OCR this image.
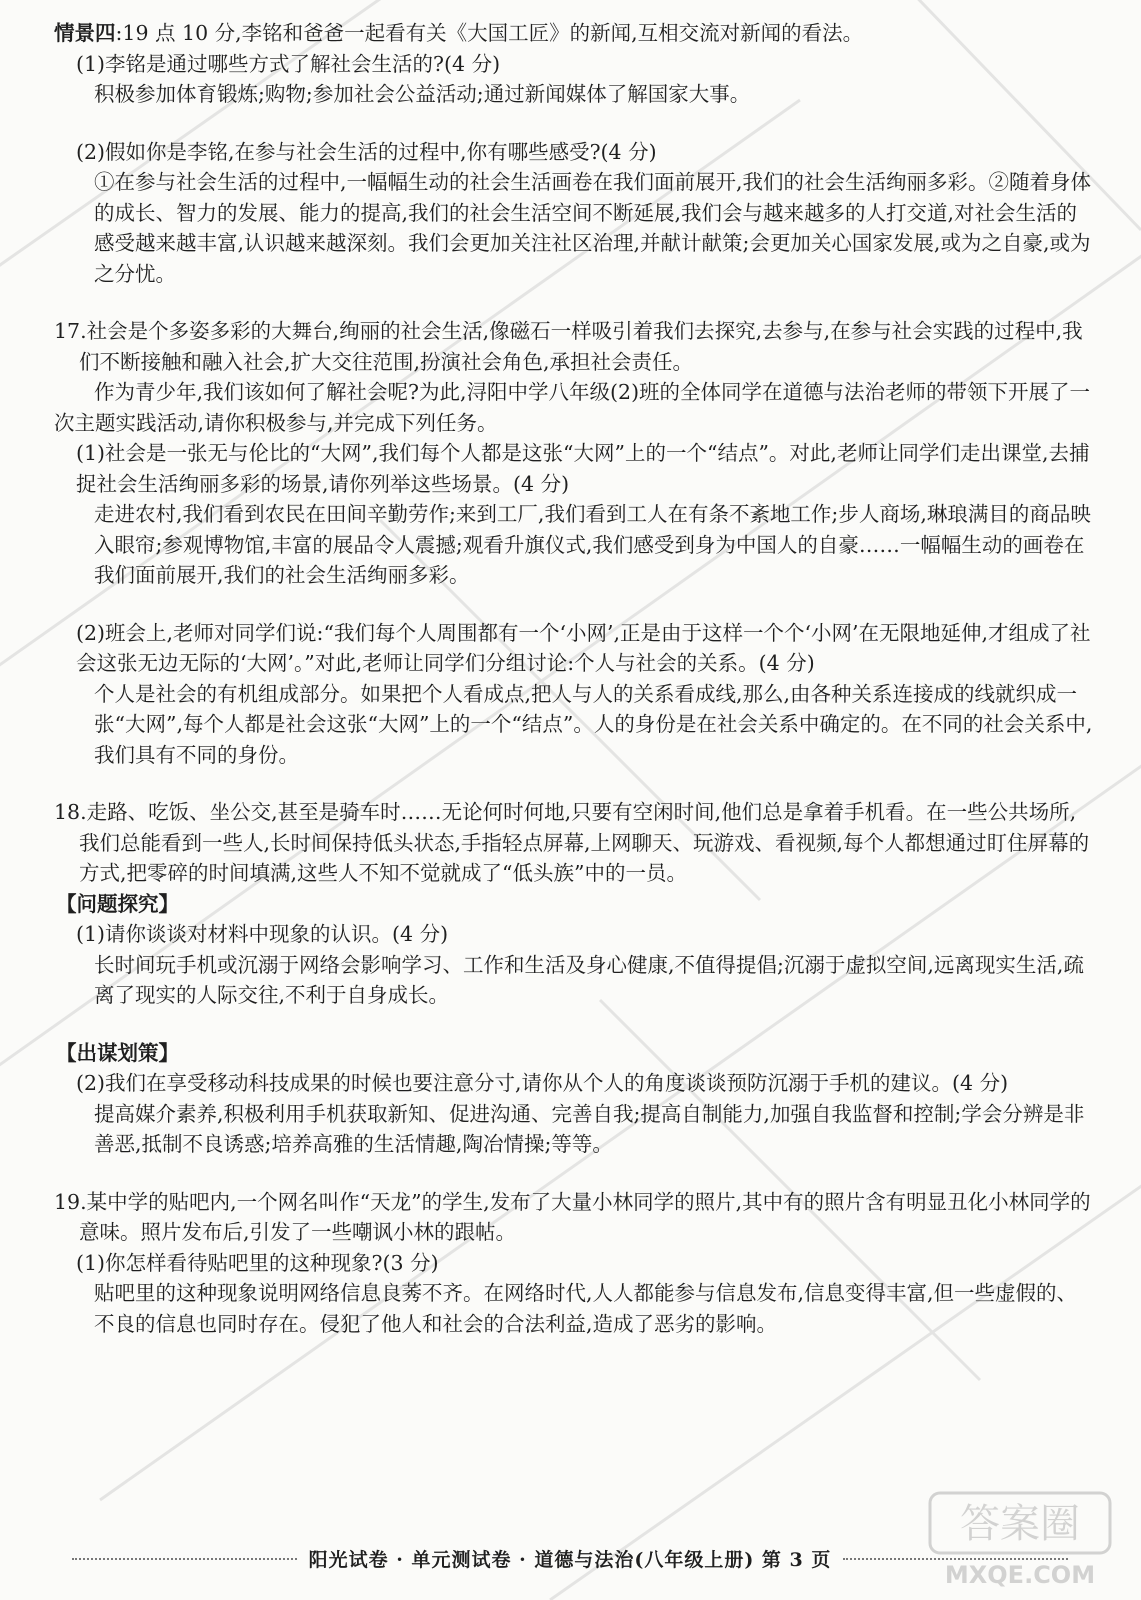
情景四:19 点 10 分,李铭和爸爸一起看有关《大国工匠》的新闻,互相交流对新闻的看法。

(1)李铭是通过哪些方式了解社会生活的?(4 分)

积极参加体育锻炼;购物;参加社会公益活动;通过新闻媒体了解国家大事。

(2)假如你是李铭,在参与社会生活的过程中,你有哪些感受?(4 分)

①在参与社会生活的过程中,一幅幅生动的社会生活画卷在我们面前展开,我们的社会生活绚丽多彩。②随着身体的成长、智力的发展、能力的提高,我们的社会生活空间不断延展,我们会与越来越多的人打交道,对社会生活的感受越来越丰富,认识越来越深刻。我们会更加关注社区治理,并献计献策;会更加关心国家发展,或为之自豪,或为之分忧。

17.社会是个多姿多彩的大舞台,绚丽的社会生活,像磁石一样吸引着我们去探究,去参与,在参与社会实践的过程中,我们不断接触和融入社会,扩大交往范围,扮演社会角色,承担社会责任。

作为青少年,我们该如何了解社会呢?为此,浔阳中学八年级(2)班的全体同学在道德与法治老师的带领下开展了一次主题实践活动,请你积极参与,并完成下列任务。

(1)社会是一张无与伦比的“大网”,我们每个人都是这张“大网”上的一个“结点”。对此,老师让同学们走出课堂,去捕捉社会生活绚丽多彩的场景,请你列举这些场景。(4 分)

走进农村,我们看到农民在田间辛勤劳作;来到工厂,我们看到工人在有条不紊地工作;步人商场,琳琅满目的商品映入眼帘;参观博物馆,丰富的展品令人震撼;观看升旗仪式,我们感受到身为中国人的自豪……一幅幅生动的画卷在我们面前展开,我们的社会生活绚丽多彩。

(2)班会上,老师对同学们说:“我们每个人周围都有一个‘小网’,正是由于这样一个个‘小网’在无限地延伸,才组成了社会这张无边无际的‘大网’。”对此,老师让同学们分组讨论:个人与社会的关系。(4 分)

个人是社会的有机组成部分。如果把个人看成点,把人与人的关系看成线,那么,由各种关系连接成的线就织成一张“大网”,每个人都是社会这张“大网”上的一个“结点”。人的身份是在社会关系中确定的。在不同的社会关系中,我们具有不同的身份。

18.走路、吃饭、坐公交,甚至是骑车时……无论何时何地,只要有空闲时间,他们总是拿着手机看。在一些公共场所,我们总能看到一些人,长时间保持低头状态,手指轻点屏幕,上网聊天、玩游戏、看视频,每个人都想通过盯住屏幕的方式,把零碎的时间填满,这些人不知不觉就成了“低头族”中的一员。

【问题探究】

(1)请你谈谈对材料中现象的认识。(4 分)

长时间玩手机或沉溺于网络会影响学习、工作和生活及身心健康,不值得提倡;沉溺于虚拟空间,远离现实生活,疏离了现实的人际交往,不利于自身成长。

【出谋划策】

(2)我们在享受移动科技成果的时候也要注意分寸,请你从个人的角度谈谈预防沉溺于手机的建议。(4 分)

提高媒介素养,积极利用手机获取新知、促进沟通、完善自我;提高自制能力,加强自我监督和控制;学会分辨是非善恶,抵制不良诱惑;培养高雅的生活情趣,陶冶情操;等等。

19.某中学的贴吧内,一个网名叫作“天龙”的学生,发布了大量小林同学的照片,其中有的照片含有明显丑化小林同学的意味。照片发布后,引发了一些嘲讽小林的跟帖。

(1)你怎样看待贴吧里的这种现象?(3 分)

贴吧里的这种现象说明网络信息良莠不齐。在网络时代,人人都能参与信息发布,信息变得丰富,但一些虚假的、不良的信息也同时存在。侵犯了他人和社会的合法利益,造成了恶劣的影响。

阳光试卷 · 单元测试卷 · 道德与法治(八年级上册) 第 3 页
答案圈
MXQE.COM
